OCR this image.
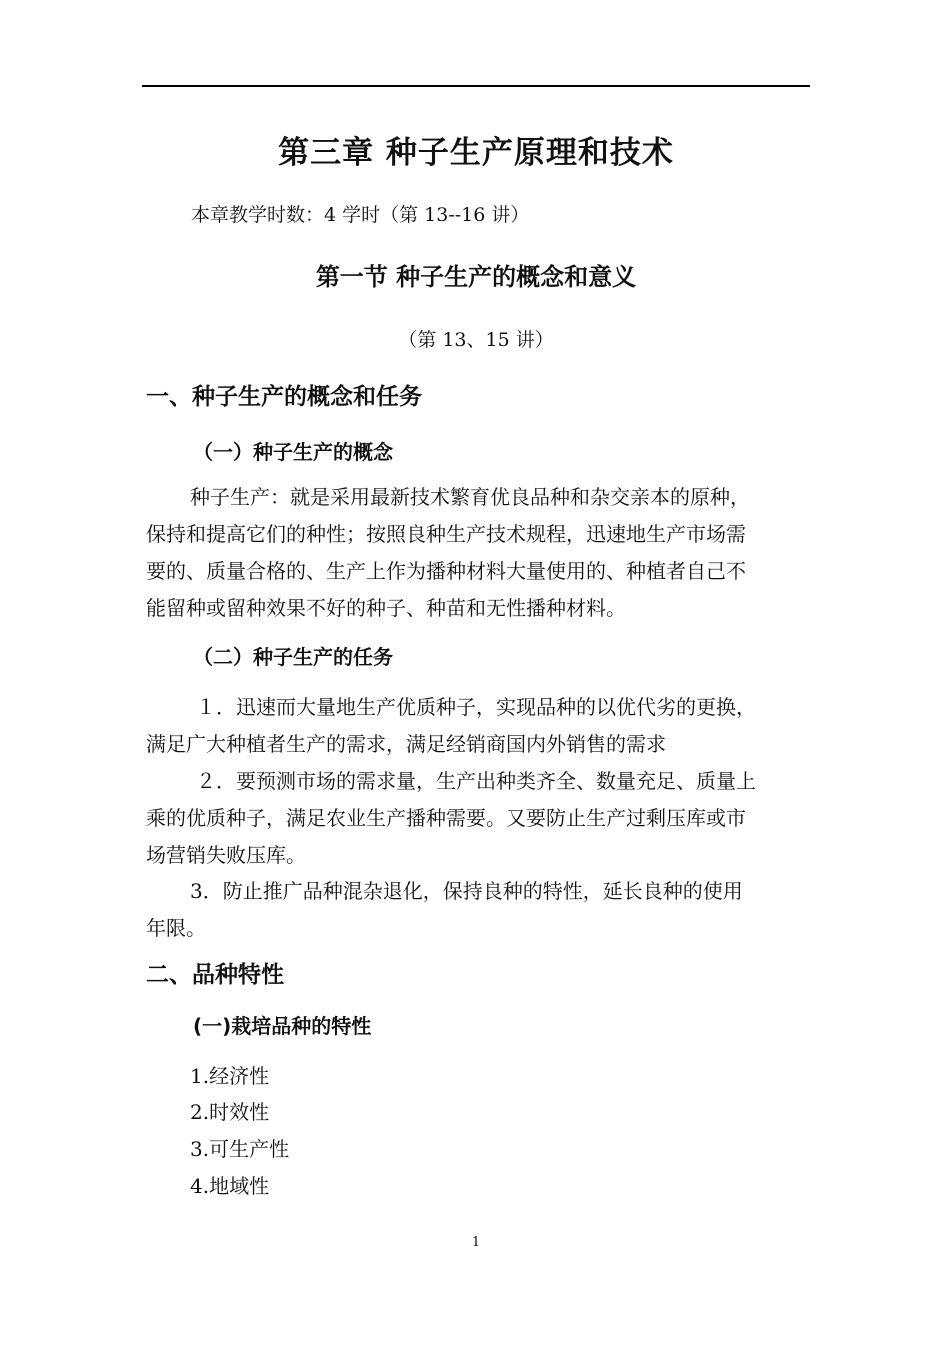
第三章 种子生产原理和技术

本章教学时数：4 学时（第 13--16 讲）

第一节 种子生产的概念和意义

（第 13、15 讲）

一、种子生产的概念和任务
（一）种子生产的概念
种子生产：就是采用最新技术繁育优良品种和杂交亲本的原种，
保持和提高它们的种性；按照良种生产技术规程，迅速地生产市场需
要的、质量合格的、生产上作为播种材料大量使用的、种植者自己不
能留种或留种效果不好的种子、种苗和无性播种材料。
（二）种子生产的任务
１．迅速而大量地生产优质种子，实现品种的以优代劣的更换，
满足广大种植者生产的需求，满足经销商国内外销售的需求
２．要预测市场的需求量，生产出种类齐全、数量充足、质量上
乘的优质种子，满足农业生产播种需要。又要防止生产过剩压库或市
场营销失败压库。
3．防止推广品种混杂退化，保持良种的特性，延长良种的使用
年限。
二、品种特性
(一)栽培品种的特性

1.经济性

2.时效性

3.可生产性

4.地域性

1
